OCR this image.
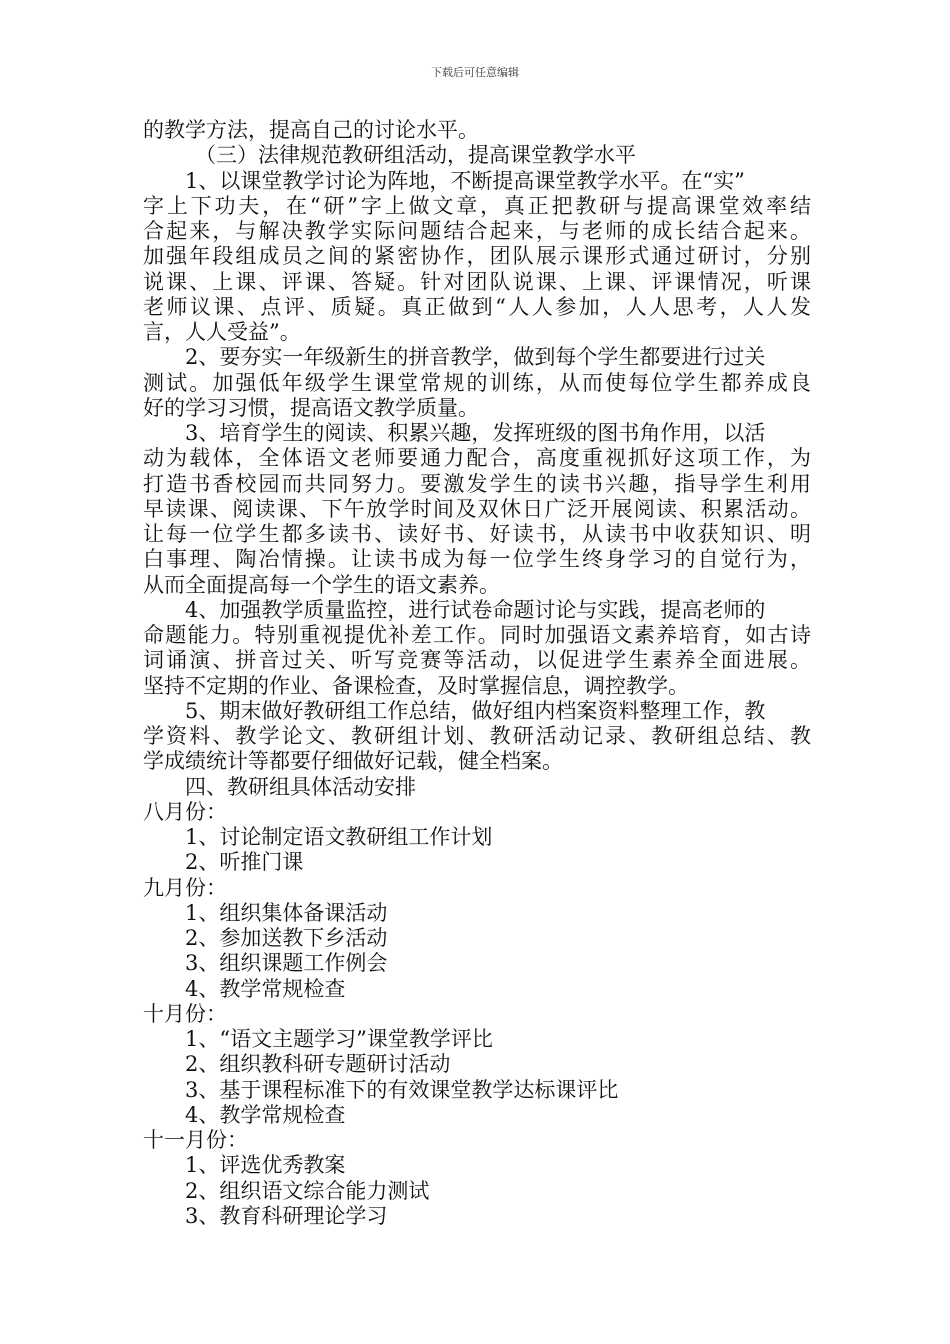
下载后可任意编辑
的教学方法，提高自己的讨论水平。
（三）法律规范教研组活动，提高课堂教学水平
1、以课堂教学讨论为阵地，不断提高课堂教学水平。在“实”
字上下功夫，在“研”字上做文章，真正把教研与提高课堂效率结
合起来，与解决教学实际问题结合起来，与老师的成长结合起来。
加强年段组成员之间的紧密协作，团队展示课形式通过研讨，分别
说课、上课、评课、答疑。针对团队说课、上课、评课情况，听课
老师议课、点评、质疑。真正做到“人人参加，人人思考，人人发
言，人人受益”。
2、要夯实一年级新生的拼音教学，做到每个学生都要进行过关
测试。加强低年级学生课堂常规的训练，从而使每位学生都养成良
好的学习习惯，提高语文教学质量。
3、培育学生的阅读、积累兴趣，发挥班级的图书角作用，以活
动为载体，全体语文老师要通力配合，高度重视抓好这项工作，为
打造书香校园而共同努力。要激发学生的读书兴趣，指导学生利用
早读课、阅读课、下午放学时间及双休日广泛开展阅读、积累活动。
让每一位学生都多读书、读好书、好读书，从读书中收获知识、明
白事理、陶冶情操。让读书成为每一位学生终身学习的自觉行为，
从而全面提高每一个学生的语文素养。
4、加强教学质量监控，进行试卷命题讨论与实践，提高老师的
命题能力。特别重视提优补差工作。同时加强语文素养培育，如古诗
词诵演、拼音过关、听写竞赛等活动，以促进学生素养全面进展。
坚持不定期的作业、备课检查，及时掌握信息，调控教学。
5、期末做好教研组工作总结，做好组内档案资料整理工作，教
学资料、教学论文、教研组计划、教研活动记录、教研组总结、教
学成绩统计等都要仔细做好记载，健全档案。
四、教研组具体活动安排
八月份：
1、讨论制定语文教研组工作计划
2、听推门课
九月份：
1、组织集体备课活动
2、参加送教下乡活动
3、组织课题工作例会
4、教学常规检查
十月份：
1、“语文主题学习”课堂教学评比
2、组织教科研专题研讨活动
3、基于课程标准下的有效课堂教学达标课评比
4、教学常规检查
十一月份：
1、评选优秀教案
2、组织语文综合能力测试
3、教育科研理论学习
